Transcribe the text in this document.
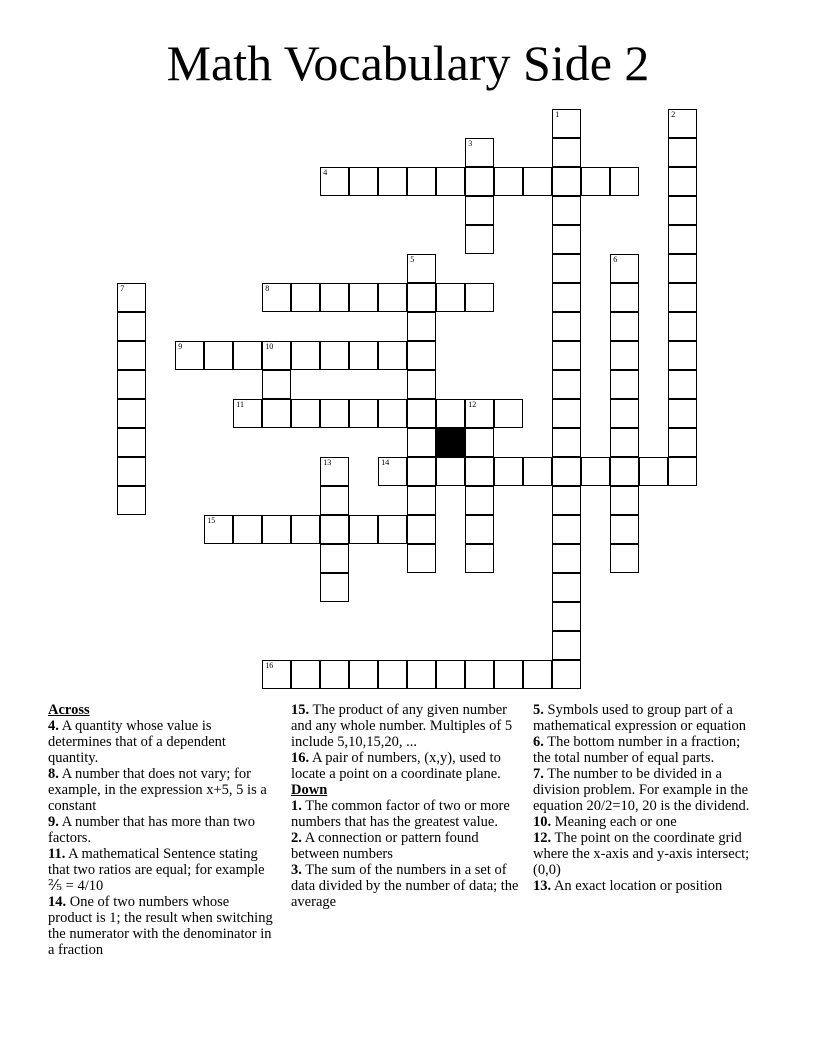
Math Vocabulary Side 2
1	2
3
4
5	6
7	8
9	10
11	12
13	14
15
16
Across
4. A quantity whose value is determines that of a dependent quantity.
8. A number that does not vary; for example, in the expression x+5, 5 is a constant
9. A number that has more than two factors.
11. A mathematical Sentence stating that two ratios are equal; for example ⅖ = 4/10
14. One of two numbers whose product is 1; the result when switching the numerator with the denominator in a fraction
15. The product of any given number and any whole number. Multiples of 5 include 5,10,15,20, ...
16. A pair of numbers, (x,y), used to locate a point on a coordinate plane.
Down
1. The common factor of two or more numbers that has the greatest value.
2. A connection or pattern found between numbers
3. The sum of the numbers in a set of data divided by the number of data; the average
5. Symbols used to group part of a mathematical expression or equation
6. The bottom number in a fraction; the total number of equal parts.
7. The number to be divided in a division problem. For example in the equation 20/2=10, 20 is the dividend.
10. Meaning each or one
12. The point on the coordinate grid where the x-axis and y-axis intersect; (0,0)
13. An exact location or position
